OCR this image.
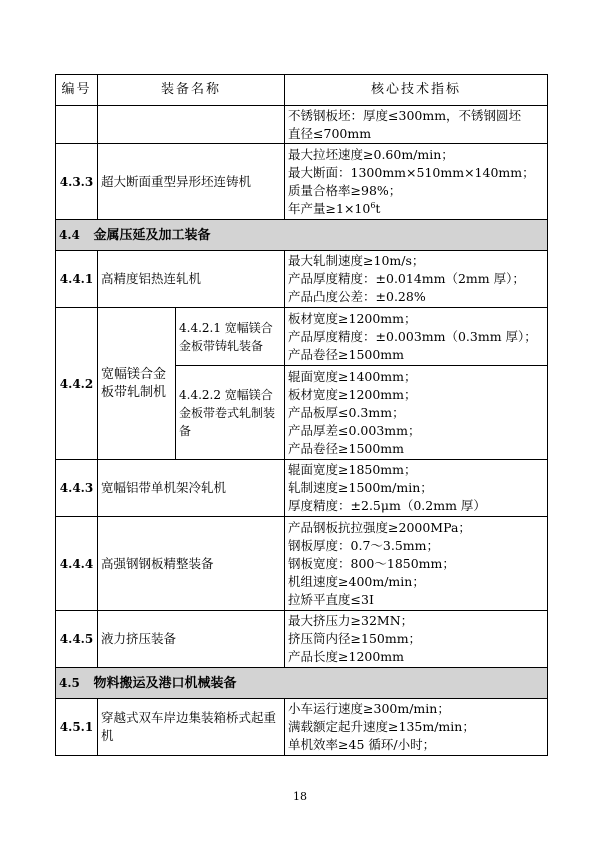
编号	装备名称		核心技术指标

			不锈钢板坯：厚度≤300mm，不锈钢圆坯
直径≤700mm

4.3.3	超大断面重型异形坯连铸机		最大拉坯速度≥0.60m/min；
最大断面：1300mm×510mm×140mm；
质量合格率≥98%；
年产量$\ge 1\times 10^6t$

4.4 金属压延及加工装备			
4.4.1	高精度铝热连轧机		最大轧制速度≥10m/s；
产品厚度精度：±0.014mm（2mm 厚）；
产品凸度公差：±0.28%

4.4.2	宽幅镁合金板带轧制机	4.4.2.1 宽幅镁合金板带铸轧装备	板材宽度≥1200mm；
产品厚度精度：±0.003mm（0.3mm 厚）；
产品卷径≥1500mm

		4.4.2.2 宽幅镁合金板带卷式轧制装备	辊面宽度≥1400mm；
板材宽度≥1200mm；
产品板厚≤0.3mm；
产品厚差≤0.003mm；
产品卷径≥1500mm

4.4.3	宽幅铝带单机架冷轧机		辊面宽度≥1850mm；
轧制速度≥1500m/min；
厚度精度：±2.5μm（0.2mm 厚）

4.4.4	高强钢钢板精整装备		产品钢板抗拉强度≥2000MPa；
钢板厚度：0.7～3.5mm；
钢板宽度：800～1850mm；
机组速度≥400m/min；
拉矫平直度≤3I

4.4.5	液力挤压装备		最大挤压力≥32MN；
挤压筒内径≥150mm；
产品长度≥1200mm

4.5 物料搬运及港口机械装备			
4.5.1	穿越式双车岸边集装箱桥式起重机		小车运行速度≥300m/min；
满载额定起升速度≥135m/min；
单机效率≥45 循环/小时；
18
